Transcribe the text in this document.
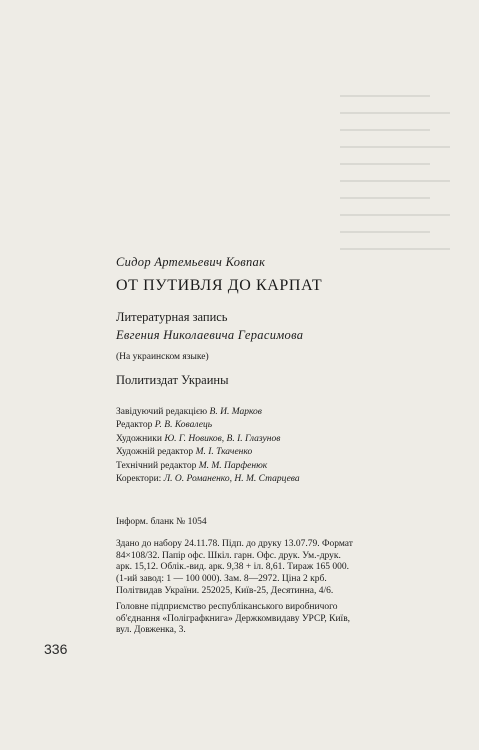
Сидор Артемьевич Ковпак
ОТ ПУТИВЛЯ ДО КАРПАТ
Литературная запись
Евгения Николаевича Герасимова
(На украинском языке)
Политиздат Украины
Завідуючий редакцією В. И. Марков
Редактор Р. В. Ковалець
Художники Ю. Г. Новиков, В. І. Глазунов
Художній редактор М. І. Ткаченко
Технічний редактор М. М. Парфенюк
Коректори: Л. О. Романенко, Н. М. Старцева
Інформ. бланк № 1054
Здано до набору 24.11.78. Підп. до друку 13.07.79. Формат
84×108/32. Папір офс. Шкіл. гарн. Офс. друк. Ум.-друк.
арк. 15,12. Облік.-вид. арк. 9,38 + іл. 8,61. Тираж 165 000.
(1-ий завод: 1 — 100 000). Зам. 8—2972. Ціна 2 крб.
Політвидав України. 252025, Київ-25, Десятинна, 4/6.
Головне підприємство республіканського виробничого
об'єднання «Поліграфкнига» Держкомвидаву УРСР, Київ,
вул. Довженка, 3.
336
